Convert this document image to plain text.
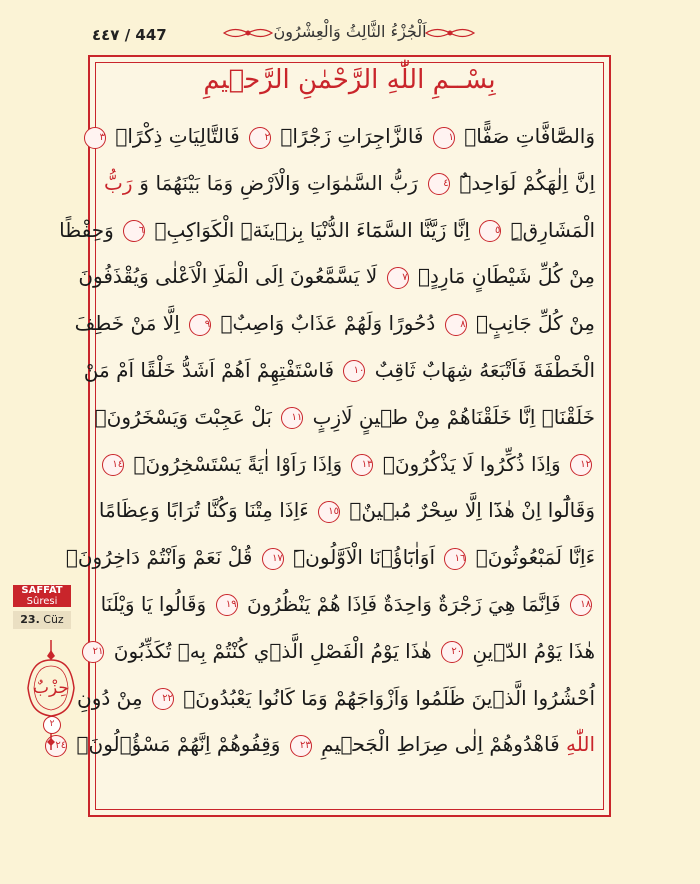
٤٤٧ / 447	اَلْجُزْءُ الثَّالِثُ وَالْعِشْرُونَ
بِسْــمِ اللّٰهِ الرَّحْمٰنِ الرَّحٖيمِ
وَالصَّٓافَّاتِ صَفًّاۙ ١ فَالزَّاجِرَاتِ زَجْرًاۙ ٢ فَالتَّالِيَاتِ ذِكْرًاۙ ٣
اِنَّ اِلٰهَكُمْ لَوَاحِدٌۜ ٤ رَبُّ السَّمٰوَاتِ وَالْاَرْضِ وَمَا بَيْنَهُمَا وَ رَبُّ
الْمَشَارِقِۜ ٥ اِنَّا زَيَّنَّا السَّمَٓاءَ الدُّنْيَا بِزٖينَةِۨ الْكَوَاكِبِۙ ٦ وَحِفْظًا
مِنْ كُلِّ شَيْطَانٍ مَارِدٍۚ ٧ لَا يَسَّمَّعُونَ اِلَى الْمَلَاِ الْاَعْلٰى وَيُقْذَفُونَ
مِنْ كُلِّ جَانِبٍۗ ٨ دُحُورًا وَلَهُمْ عَذَابٌ وَاصِبٌۙ ٩ اِلَّا مَنْ خَطِفَ
الْخَطْفَةَ فَاَتْبَعَهُ شِهَابٌ ثَاقِبٌ ١٠ فَاسْتَفْتِهِمْ اَهُمْ اَشَدُّ خَلْقًا اَمْ مَنْ
خَلَقْنَاۜ اِنَّا خَلَقْنَاهُمْ مِنْ طٖينٍ لَازِبٍ ١١ بَلْ عَجِبْتَ وَيَسْخَرُونَۖ
١٢ وَاِذَا ذُكِّرُوا لَا يَذْكُرُونَۖ ١٣ وَاِذَا رَاَوْا اٰيَةً يَسْتَسْخِرُونَۖ ١٤
وَقَالُٓوا اِنْ هٰذَٓا اِلَّا سِحْرٌ مُبٖينٌۚ ١٥ ءَاِذَا مِتْنَا وَكُنَّا تُرَابًا وَعِظَامًا
ءَاِنَّا لَمَبْعُوثُونَۙ ١٦ اَوَاٰبَٓاؤُ۬نَا الْاَوَّلُونَۜ ١٧ قُلْ نَعَمْ وَاَنْتُمْ دَاخِرُونَۚ
١٨ فَاِنَّمَا هِيَ زَجْرَةٌ وَاحِدَةٌ فَاِذَا هُمْ يَنْظُرُونَ ١٩ وَقَالُوا يَا وَيْلَنَا
هٰذَا يَوْمُ الدّٖينِ ٢٠ هٰذَا يَوْمُ الْفَصْلِ الَّذٖي كُنْتُمْ بِهٖ تُكَذِّبُونَ ٢١
اُحْشُرُوا الَّذٖينَ ظَلَمُوا وَاَزْوَاجَهُمْ وَمَا كَانُوا يَعْبُدُونَۙ ٢٢ مِنْ دُونِ
اللّٰهِ فَاهْدُوهُمْ اِلٰى صِرَاطِ الْجَحٖيمِ ٢٣ وَقِفُوهُمْ اِنَّهُمْ مَسْؤُ۫لُونَۙ ٢٤
SAFFÂT
Sûresi
23. Cüz
حِزْبٌ
٢
